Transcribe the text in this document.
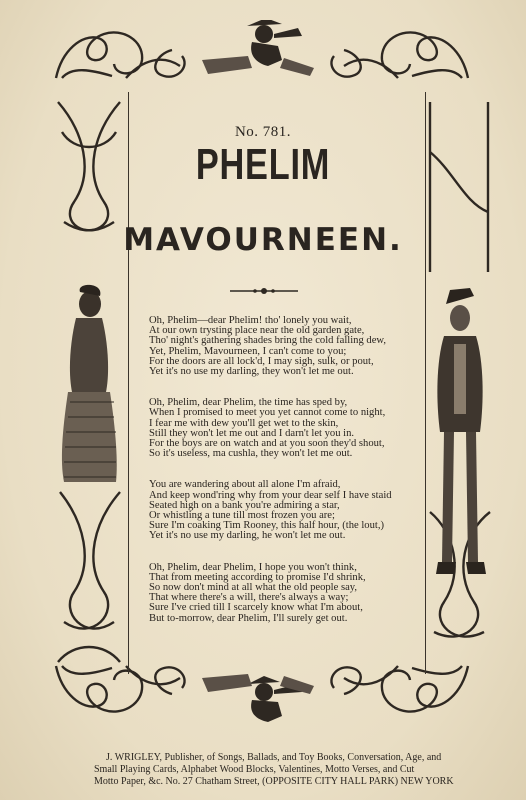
No. 781.
PHELIM
MAVOURNEEN.
Oh, Phelim—dear Phelim! tho' lonely you wait,
At our own trysting place near the old garden gate,
Tho' night's gathering shades bring the cold falling dew,
Yet, Phelim, Mavourneen, I can't come to you;
For the doors are all lock'd, I may sigh, sulk, or pout,
Yet it's no use my darling, they won't let me out.
Oh, Phelim, dear Phelim, the time has sped by,
When I promised to meet you yet cannot come to night,
I fear me with dew you'll get wet to the skin,
Still they won't let me out and I darn't let you in.
For the boys are on watch and at you soon they'd shout,
So it's useless, ma cushla, they won't let me out.
You are wandering about all alone I'm afraid,
And keep wond'ring why from your dear self I have staid
Seated high on a bank you're admiring a star,
Or whistling a tune till most frozen you are;
Sure I'm coaking Tim Rooney, this half hour, (the lout,)
Yet it's no use my darling, he won't let me out.
Oh, Phelim, dear Phelim, I hope you won't think,
That from meeting according to promise I'd shrink,
So now don't mind at all what the old people say,
That where there's a will, there's always a way;
Sure I've cried till I scarcely know what I'm about,
But to-morrow, dear Phelim, I'll surely get out.
J. WRIGLEY, Publisher, of Songs, Ballads, and Toy Books, Conversation, Age, and
Small Playing Cards, Alphabet Wood Blocks, Valentines, Motto Verses, and Cut
Motto Paper, &c. No. 27 Chatham Street, (OPPOSITE CITY HALL PARK) NEW YORK
